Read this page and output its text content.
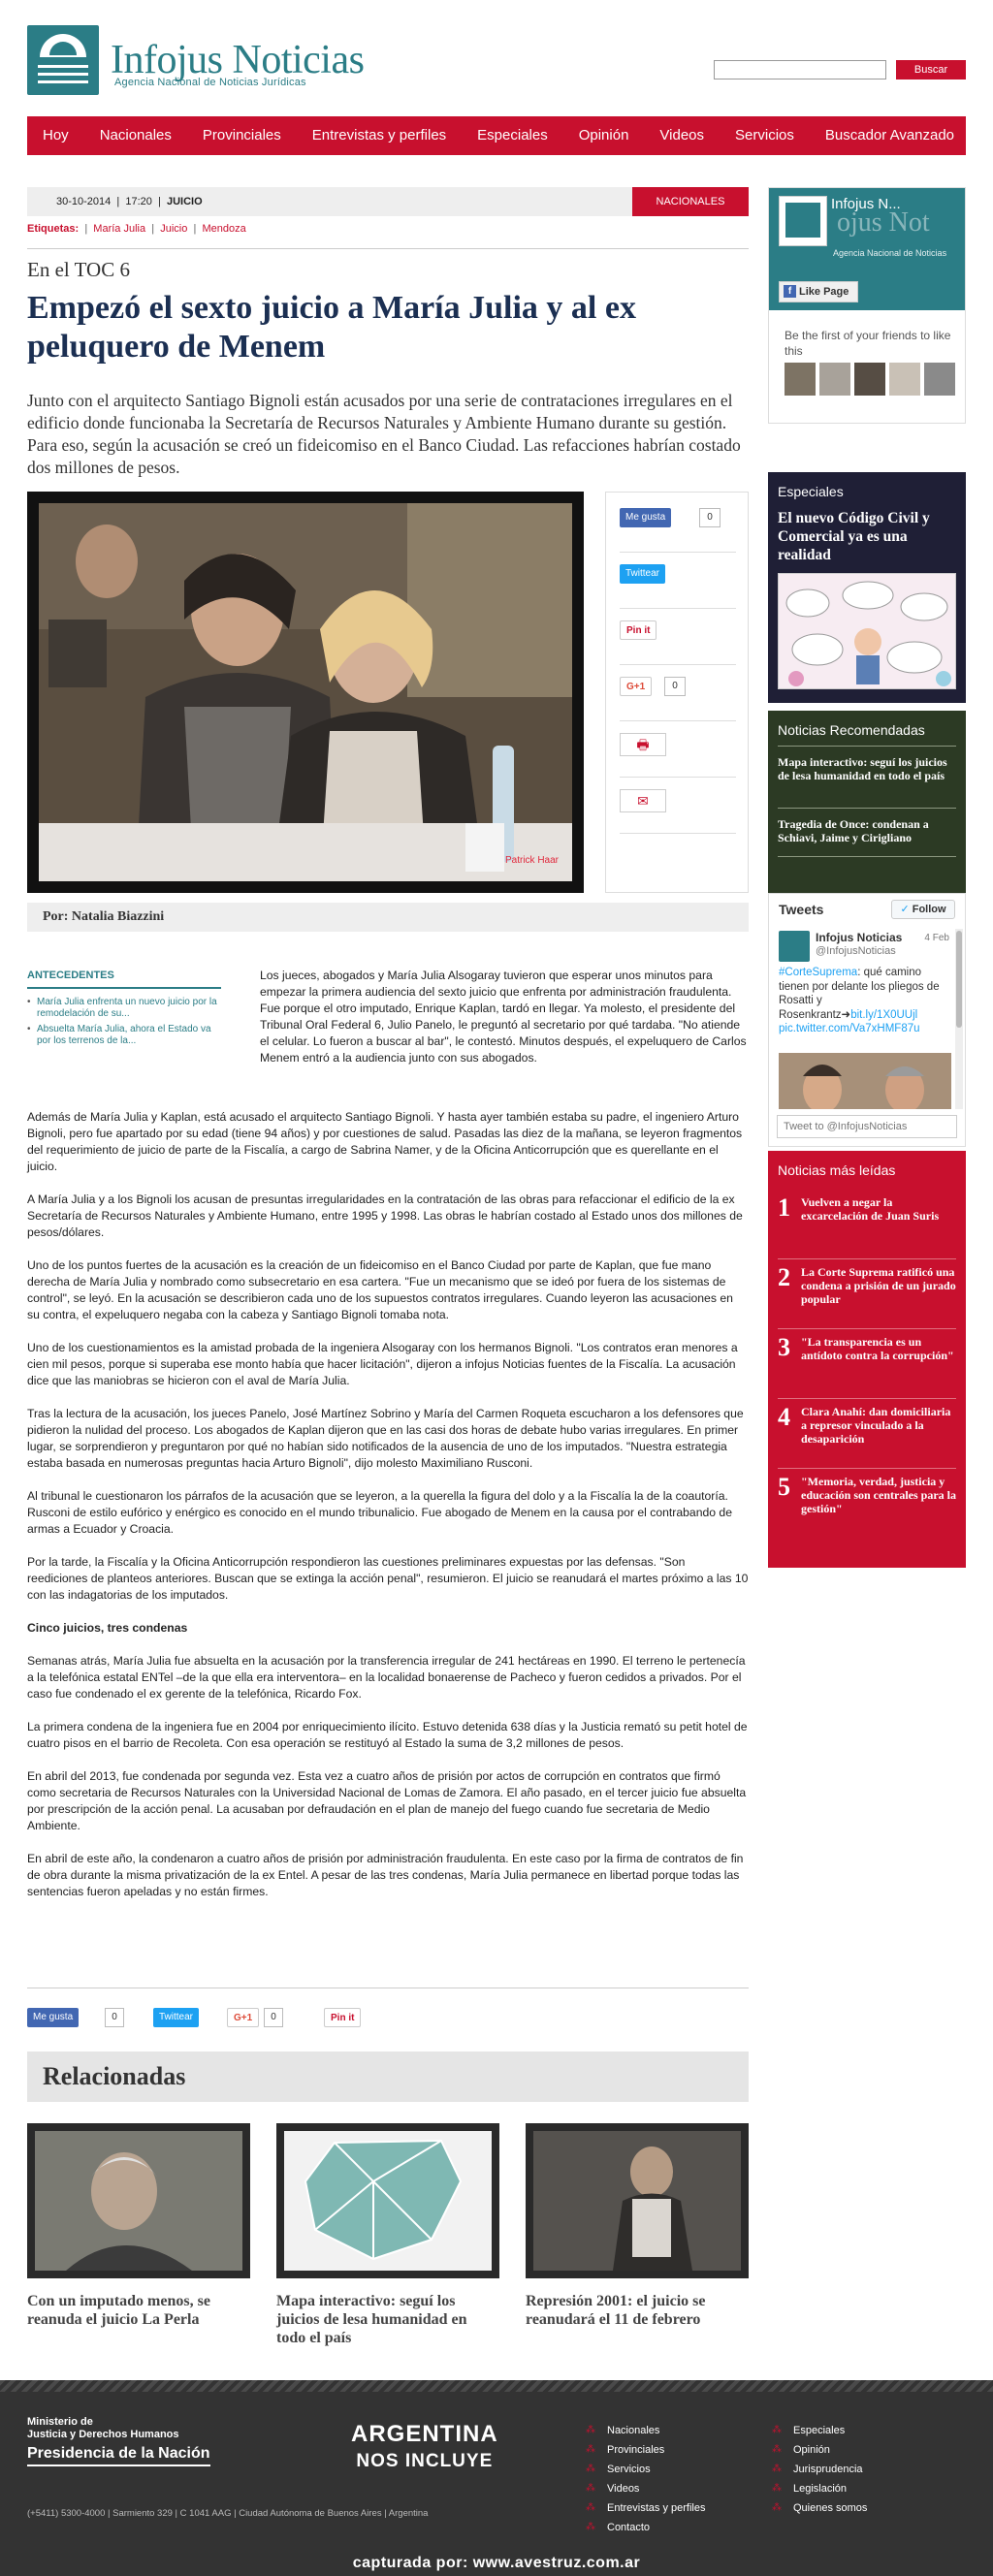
Infojus Noticias
Agencia Nacional de Noticias Jurídicas
Buscar
Hoy	Nacionales	Provinciales	Entrevistas y perfiles	Especiales	Opinión	Videos	Servicios	Buscador Avanzado
30-10-2014  |  17:20  |  JUICIO	NACIONALES
Etiquetas: | María Julia | Juicio | Mendoza
En el TOC 6
Empezó el sexto juicio a María Julia y al ex peluquero de Menem

Junto con el arquitecto Santiago Bignoli están acusados por una serie de contrataciones irregulares en el edificio donde funcionaba la Secretaría de Recursos Naturales y Ambiente Humano durante su gestión. Para eso, según la acusación se creó un fideicomiso en el Banco Ciudad. Las refacciones habrían costado dos millones de pesos.

Patrick Haar
Me gusta	0
Twittear
Pin it
G+1	0
🖶
✉
Por: Natalia Biazzini
ANTECEDENTES
• María Julia enfrenta un nuevo juicio por la remodelación de su...
• Absuelta María Julia, ahora el Estado va por los terrenos de la...
Los jueces, abogados y María Julia Alsogaray tuvieron que esperar unos minutos para empezar la primera audiencia del sexto juicio que enfrenta por administración fraudulenta. Fue porque el otro imputado, Enrique Kaplan, tardó en llegar. Ya molesto, el presidente del Tribunal Oral Federal 6, Julio Panelo, le preguntó al secretario por qué tardaba. "No atiende el celular. Lo fueron a buscar al bar", le contestó. Minutos después, el expeluquero de Carlos Menem entró a la audiencia junto con sus abogados.

Además de María Julia y Kaplan, está acusado el arquitecto Santiago Bignoli. Y hasta ayer también estaba su padre, el ingeniero Arturo Bignoli, pero fue apartado por su edad (tiene 94 años) y por cuestiones de salud. Pasadas las diez de la mañana, se leyeron fragmentos del requerimiento de juicio de parte de la Fiscalía, a cargo de Sabrina Namer, y de la Oficina Anticorrupción que es querellante en el juicio.

A María Julia y a los Bignoli los acusan de presuntas irregularidades en la contratación de las obras para refaccionar el edificio de la ex Secretaría de Recursos Naturales y Ambiente Humano, entre 1995 y 1998. Las obras le habrían costado al Estado unos dos millones de pesos/dólares.

Uno de los puntos fuertes de la acusación es la creación de un fideicomiso en el Banco Ciudad por parte de Kaplan, que fue mano derecha de María Julia y nombrado como subsecretario en esa cartera. "Fue un mecanismo que se ideó por fuera de los sistemas de control", se leyó. En la acusación se describieron cada uno de los supuestos contratos irregulares. Cuando leyeron las acusaciones en su contra, el expeluquero negaba con la cabeza y Santiago Bignoli tomaba nota.

Uno de los cuestionamientos es la amistad probada de la ingeniera Alsogaray con los hermanos Bignoli. "Los contratos eran menores a cien mil pesos, porque si superaba ese monto había que hacer licitación", dijeron a infojus Noticias fuentes de la Fiscalía. La acusación dice que las maniobras se hicieron con el aval de María Julia.

Tras la lectura de la acusación, los jueces Panelo, José Martínez Sobrino y María del Carmen Roqueta escucharon a los defensores que pidieron la nulidad del proceso. Los abogados de Kaplan dijeron que en las casi dos horas de debate hubo varias irregulares. En primer lugar, se sorprendieron y preguntaron por qué no habían sido notificados de la ausencia de uno de los imputados. "Nuestra estrategia estaba basada en numerosas preguntas hacia Arturo Bignoli", dijo molesto Maximiliano Rusconi.

Al tribunal le cuestionaron los párrafos de la acusación que se leyeron, a la querella la figura del dolo y a la Fiscalía la de la coautoría. Rusconi de estilo eufórico y enérgico es conocido en el mundo tribunalicio. Fue abogado de Menem en la causa por el contrabando de armas a Ecuador y Croacia.

Por la tarde, la Fiscalía y la Oficina Anticorrupción respondieron las cuestiones preliminares expuestas por las defensas. "Son reediciones de planteos anteriores. Buscan que se extinga la acción penal", resumieron. El juicio se reanudará el martes próximo a las 10 con las indagatorias de los imputados.

Cinco juicios, tres condenas

Semanas atrás, María Julia fue absuelta en la acusación por la transferencia irregular de 241 hectáreas en 1990. El terreno le pertenecía a la telefónica estatal ENTel –de la que ella era interventora– en la localidad bonaerense de Pacheco y fueron cedidos a privados. Por el caso fue condenado el ex gerente de la telefónica, Ricardo Fox.

La primera condena de la ingeniera fue en 2004 por enriquecimiento ilícito. Estuvo detenida 638 días y la Justicia remató su petit hotel de cuatro pisos en el barrio de Recoleta. Con esa operación se restituyó al Estado la suma de 3,2 millones de pesos.

En abril del 2013, fue condenada por segunda vez. Esta vez a cuatro años de prisión por actos de corrupción en contratos que firmó como secretaria de Recursos Naturales con la Universidad Nacional de Lomas de Zamora. El año pasado, en el tercer juicio fue absuelta por prescripción de la acción penal. La acusaban por defraudación en el plan de manejo del fuego cuando fue secretaria de Medio Ambiente.

En abril de este año, la condenaron a cuatro años de prisión por administración fraudulenta. En este caso por la firma de contratos de fin de obra durante la misma privatización de la ex Entel. A pesar de las tres condenas, María Julia permanece en libertad porque todas las sentencias fueron apeladas y no están firmes.

Me gusta	0	Twittear	G+1	0	Pin it
Relacionadas
Con un imputado menos, se reanuda el juicio La Perla
Mapa interactivo: seguí los juicios de lesa humanidad en todo el país
Represión 2001: el juicio se reanudará el 11 de febrero
ojus Not
Infojus N...
Agencia Nacional de Noticias
f Like Page
Be the first of your friends to like this
Especiales
El nuevo Código Civil y Comercial ya es una realidad
Noticias Recomendadas
Mapa interactivo: seguí los juicios de lesa humanidad en todo el país
Tragedia de Once: condenan a Schiavi, Jaime y Cirigliano
Tweets
✓	Follow
Infojus Noticias
@InfojusNoticias
4 Feb
#CorteSuprema: qué camino tienen por delante los pliegos de Rosatti y Rosenkrantz➜bit.ly/1X0UUjl pic.twitter.com/Va7xHMF87u
Tweet to @InfojusNoticias
Noticias más leídas
1 Vuelven a negar la excarcelación de Juan Suris
2 La Corte Suprema ratificó una condena a prisión de un jurado popular
3 "La transparencia es un antídoto contra la corrupción"
4 Clara Anahí: dan domiciliaria a represor vinculado a la desaparición
5 "Memoria, verdad, justicia y educación son centrales para la gestión"
Ministerio de
Justicia y Derechos Humanos
Presidencia de la Nación
ARGENTINA
NOS INCLUYE
⁂ Nacionales
⁂ Provinciales
⁂ Servicios
⁂ Videos
⁂ Entrevistas y perfiles
⁂ Contacto
⁂ Especiales
⁂ Opinión
⁂ Jurisprudencia
⁂ Legislación
⁂ Quienes somos
(+5411) 5300-4000 | Sarmiento 329 | C 1041 AAG | Ciudad Autónoma de Buenos Aires | Argentina
capturada por: www.avestruz.com.ar
